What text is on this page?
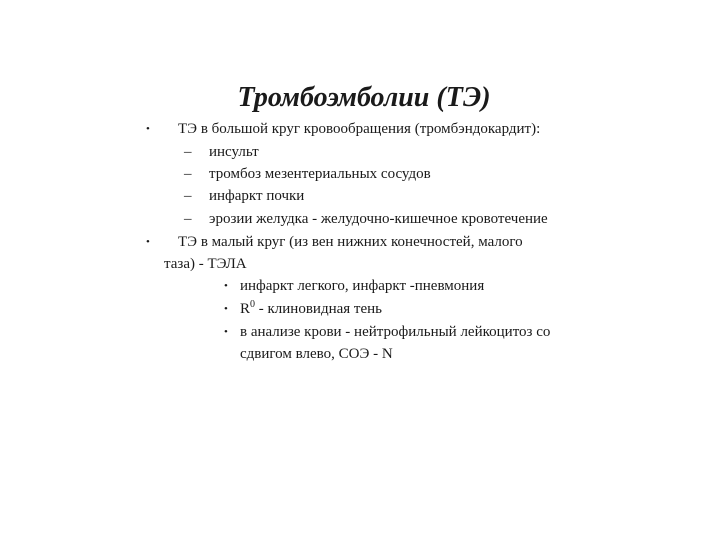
Тромбоэмболии (ТЭ)
• ТЭ в большой круг кровообращения (тромбэндокардит):
– инсульт
– тромбоз мезентериальных сосудов
– инфаркт почки
– эрозии желудка - желудочно-кишечное кровотечение
• ТЭ в малый круг (из вен нижних конечностей, малого
таза) - ТЭЛА
• инфаркт легкого, инфаркт -пневмония
• $R^0$ - клиновидная тень
• в анализе крови - нейтрофильный лейкоцитоз со
сдвигом влево, СОЭ - N
